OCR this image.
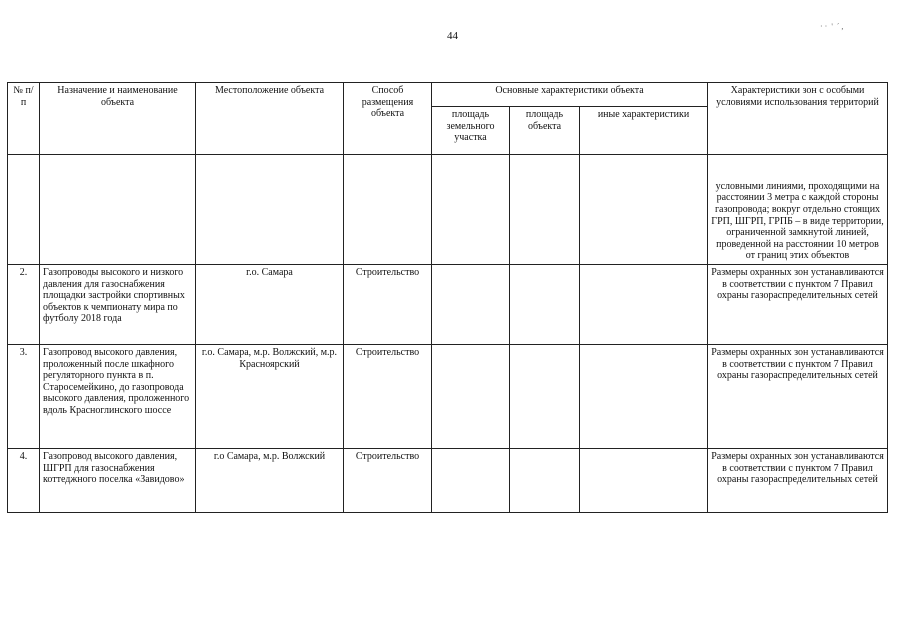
44
· ·  '  ´ ,
№ п/п	Назначение и наименование объекта	Местоположение объекта	Способ размещения объекта	Основные характеристики объекта			Характеристики зон с особыми условиями использования территорий
				площадь земельного участка	площадь объекта	иные характеристики	
							условными линиями, проходящими на расстоянии 3 метра с каждой стороны газопровода; вокруг отдельно стоящих ГРП, ШГРП, ГРПБ – в виде территории, ограниченной замкнутой линией, проведенной на расстоянии 10 метров от границ этих объектов
2.	Газопроводы высокого и низкого давления для газоснабжения площадки застройки спортивных объектов к чемпионату мира по футболу 2018 года	г.о. Самара	Строительство				Размеры охранных зон устанавливаются в соответствии с пунктом 7 Правил охраны газораспределительных сетей
3.	Газопровод высокого давления, проложенный после шкафного регуляторного пункта в п. Старосемейкино, до газопровода высокого давления, проложенного вдоль Красноглинского шоссе	г.о. Самара, м.р. Волжский, м.р. Красноярский	Строительство				Размеры охранных зон устанавливаются в соответствии с пунктом 7 Правил охраны газораспределительных сетей
4.	Газопровод высокого давления, ШГРП для газоснабжения коттеджного поселка «Завидово»	г.о Самара, м.р. Волжский	Строительство				Размеры охранных зон устанавливаются в соответствии с пунктом 7 Правил охраны газораспределительных сетей
